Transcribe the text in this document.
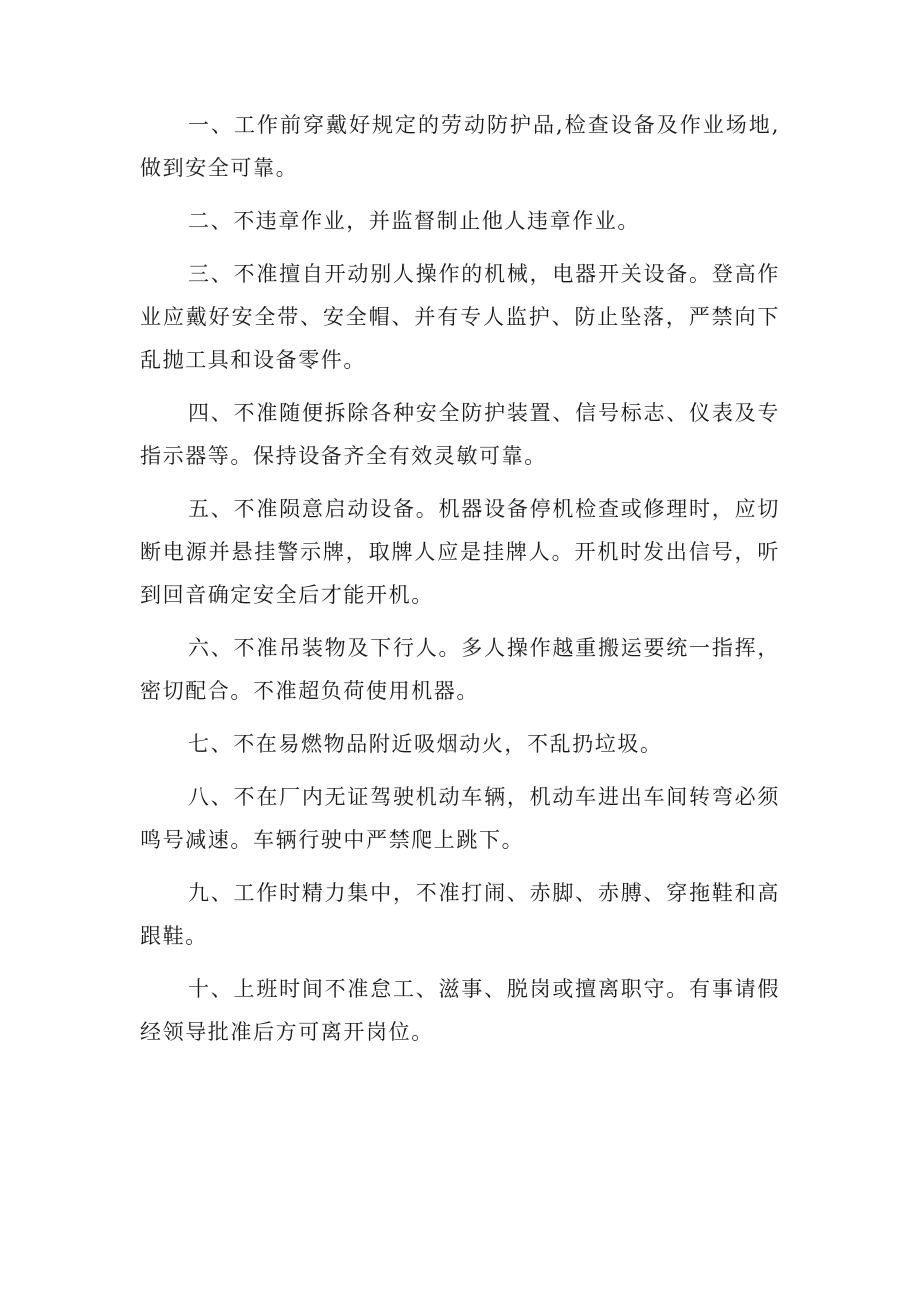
一、工作前穿戴好规定的劳动防护品,检查设备及作业场地,做到安全可靠。

二、不违章作业，并监督制止他人违章作业。

三、不准擅自开动别人操作的机械，电器开关设备。登高作业应戴好安全带、安全帽、并有专人监护、防止坠落，严禁向下乱抛工具和设备零件。

四、不准随便拆除各种安全防护装置、信号标志、仪表及专指示器等。保持设备齐全有效灵敏可靠。

五、不准陨意启动设备。机器设备停机检查或修理时，应切断电源并悬挂警示牌，取牌人应是挂牌人。开机时发出信号，听到回音确定安全后才能开机。

六、不准吊装物及下行人。多人操作越重搬运要统一指挥，密切配合。不准超负荷使用机器。

七、不在易燃物品附近吸烟动火，不乱扔垃圾。

八、不在厂内无证驾驶机动车辆，机动车进出车间转弯必须鸣号减速。车辆行驶中严禁爬上跳下。

九、工作时精力集中，不准打闹、赤脚、赤膊、穿拖鞋和高跟鞋。

十、上班时间不准怠工、滋事、脱岗或擅离职守。有事请假经领导批准后方可离开岗位。
